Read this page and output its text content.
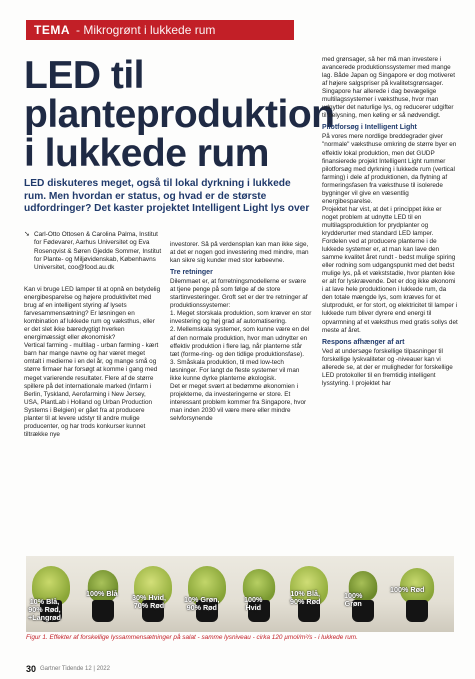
TEMA - Mikrogrønt i lukkede rum
LED til
planteproduktion
i lukkede rum
LED diskuteres meget, også til lokal dyrkning i lukkede rum. Men hvordan er status, og hvad er de største udfordringer? Det kaster projektet Intelligent Light lys over
➘ Carl-Otto Ottosen & Carolina Palma, Institut for Fødevarer, Aarhus Universitet og Eva Rosenqvist & Søren Gjedde Sommer, Institut for Plante- og Miljøvidenskab, Københavns Universitet, coo@food.au.dk

Kan vi bruge LED lamper til at opnå en betydelig energibesparelse og højere produktivitet med brug af en intelligent styring af lysets farvesammensætning? Er løsningen en kombination af lukkede rum og væksthus, eller er det slet ikke bæredygtigt hverken energimæssigt eller økonomisk?

Vertical farming - multilag - urban farming - kært barn har mange navne og har været meget omtalt i medierne i en del år, og mange små og større firmaer har forsøgt at komme i gang med meget varierende resultater. Flere af de større spillere på det internationale marked (Infarm i Berlin, Tyskland, Aerofarming i New Jersey, USA, PlantLab i Holland og Urban Production Systems i Belgien) er gået fra at producere planter til at levere udstyr til andre mulige producenter, og har trods konkurser kunnet tiltrække nye

investorer. Så på verdensplan kan man ikke sige, at det er nogen god investering med mindre, man kan sikre sig kunder med stor købeevne.

Tre retninger

Dilemmaet er, at forretningsmodellerne er svære at tjene penge på som følge af de store startinvesteringer. Groft set er der tre retninger af produktionssystemer:

1. Meget storskala produktion, som kræver en stor investering og høj grad af automatisering.

2. Mellemskala systemer, som kunne være en del af den normale produktion, hvor man udnytter en effektiv produktion i flere lag, når planterne står tæt (forme-ring- og den tidlige produktionsfase).

3. Småskala produktion, til med low-tech løsninger. For langt de fleste systemer vil man ikke kunne dyrke planterne økologisk.

Det er meget svært at bedømme økonomien i projekterne, da investeringerne er store. Et interessant problem kommer fra Singapore, hvor man inden 2030 vil være mere eller mindre selvforsynende

med grønsager, så her må man investere i avancerede produktionssystemer med mange lag. Både Japan og Singapore er dog motiveret af højere salgspriser på kvalitetsgrønsager. Singapore har allerede i dag bevægelige multilagssystemer i væksthuse, hvor man udnytter det naturlige lys, og reducerer udgifter til belysning, men køling er så nødvendigt.

Pilotforsøg i Intelligent Light

På vores mere nordlige breddegrader giver "normale" væksthuse omkring de større byer en effektiv lokal produktion, men det GUDP finansierede projekt Intelligent Light rummer pilotforsøg med dyrkning i lukkede rum (vertical farming) i dele af produktionen, da flytning af formeringsfasen fra væksthuse til isolerede bygninger vil give en væsentlig energibesparelse.

Projektet har vist, at det i princippet ikke er noget problem at udnytte LED til en multilagsproduktion for prydplanter og krydderurter med standard LED lamper. Fordelen ved at producere planterne i de lukkede systemer er, at man kan lave den samme kvalitet året rundt - bedst mulige spiring eller rodning som udgangspunkt med det bedst mulige lys, på et vækststadie, hvor planten ikke er alt for lyskrævende. Det er dog ikke økonomi i at lave hele produktionen i lukkede rum, da den totale mængde lys, som kræves for et slutprodukt, er for stort, og elektricitet til lamper i lukkede rum bliver dyrere end energi til opvarmning af et væksthus med gratis sollys det meste af året.

Respons afhænger af art

Ved at undersøge forskellige tilpasninger til forskellige lyskvaliteter og -niveauer kan vi allerede se, at der er muligheder for forskellige LED protokoller til en fremtidig intelligent lysstyring. I projektet har

10% Blå,
90% Rød,
+Langrød
100% Blå 30% Hvid,
70% Rød
10% Grøn,
90% Rød
100%
Hvid
10% Blå,
90% Rød
100%
Grøn
100% Rød
Figur 1. Effekter af forskellige lyssammensætninger på salat - samme lysniveau - cirka 120 µmol/m²/s - i lukkede rum.
30 Gartner Tidende 12 | 2022
